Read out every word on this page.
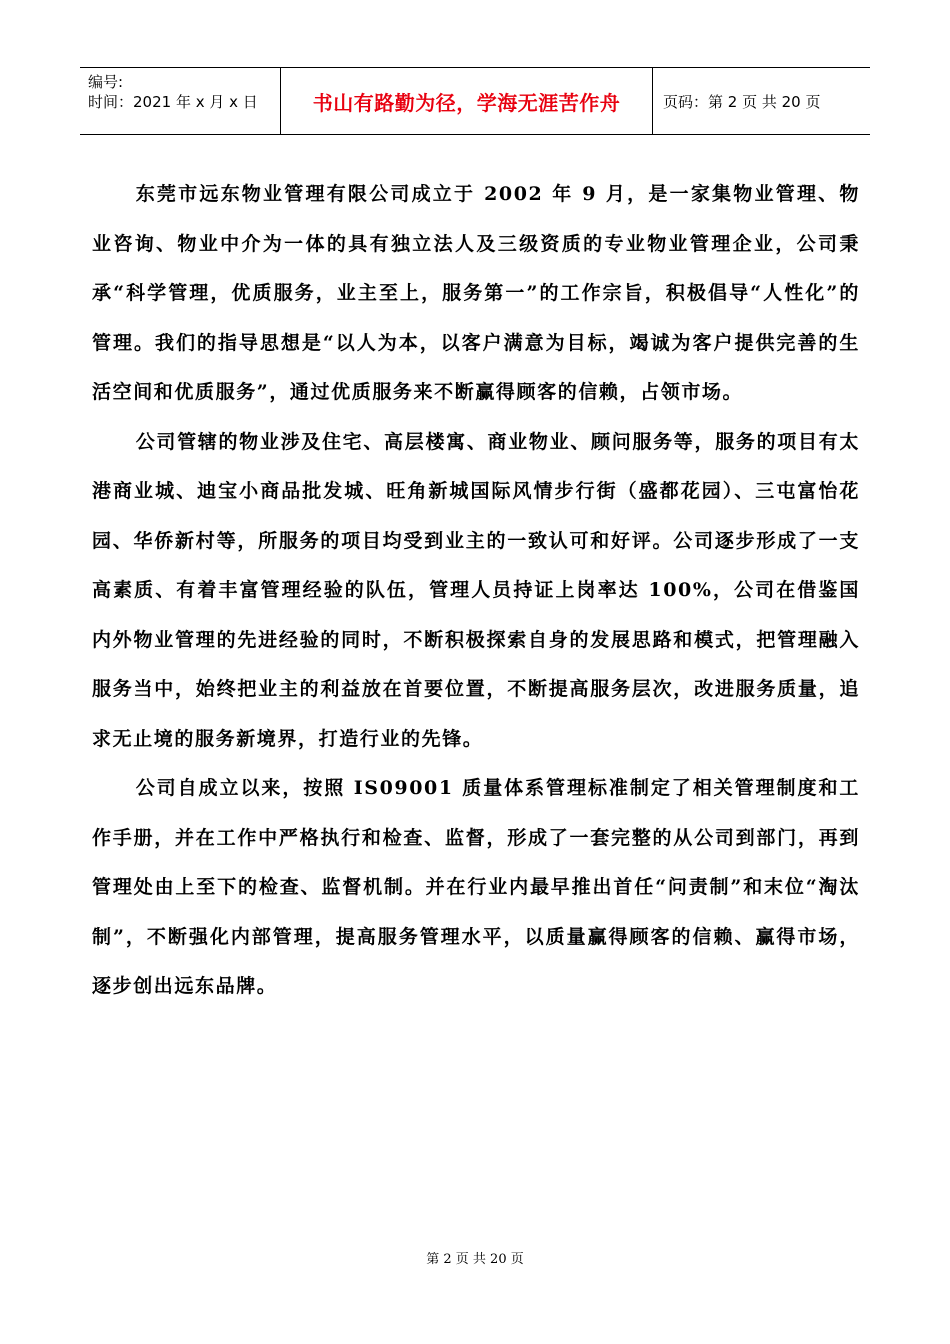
编号:
时间：2021 年 x 月 x 日	书山有路勤为径，学海无涯苦作舟	页码：第 2 页 共 20 页

东莞市远东物业管理有限公司成立于 2002 年 9 月，是一家集物业管理、物业咨询、物业中介为一体的具有独立法人及三级资质的专业物业管理企业，公司秉承“科学管理，优质服务，业主至上，服务第一”的工作宗旨，积极倡导“人性化”的管理。我们的指导思想是“以人为本，以客户满意为目标，竭诚为客户提供完善的生活空间和优质服务”，通过优质服务来不断赢得顾客的信赖，占领市场。

公司管辖的物业涉及住宅、高层楼寓、商业物业、顾问服务等，服务的项目有太港商业城、迪宝小商品批发城、旺角新城国际风情步行街（盛都花园）、三屯富怡花园、华侨新村等，所服务的项目均受到业主的一致认可和好评。公司逐步形成了一支高素质、有着丰富管理经验的队伍，管理人员持证上岗率达 100%，公司在借鉴国内外物业管理的先进经验的同时，不断积极探索自身的发展思路和模式，把管理融入服务当中，始终把业主的利益放在首要位置，不断提高服务层次，改进服务质量，追求无止境的服务新境界，打造行业的先锋。

公司自成立以来，按照 IS09001 质量体系管理标准制定了相关管理制度和工作手册，并在工作中严格执行和检查、监督，形成了一套完整的从公司到部门，再到管理处由上至下的检查、监督机制。并在行业内最早推出首任“问责制”和末位“淘汰制”，不断强化内部管理，提高服务管理水平，以质量赢得顾客的信赖、赢得市场，逐步创出远东品牌。

第 2 页 共 20 页
